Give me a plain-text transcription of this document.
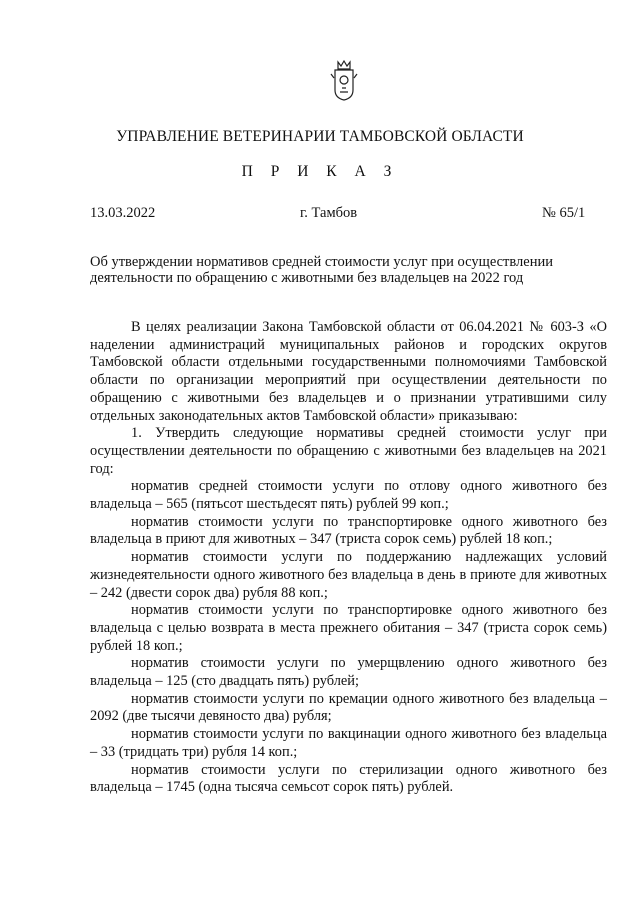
УПРАВЛЕНИЕ ВЕТЕРИНАРИИ ТАМБОВСКОЙ ОБЛАСТИ
П Р И К А З
13.03.2022	г. Тамбов	№ 65/1
Об утверждении нормативов средней стоимости услуг при осуществлении деятельности по обращению с животными без владельцев на 2022 год

В целях реализации Закона Тамбовской области от 06.04.2021 № 603-З «О наделении администраций муниципальных районов и городских округов Тамбовской области отдельными государственными полномочиями Тамбовской области по организации мероприятий при осуществлении деятельности по обращению с животными без владельцев и о признании утратившими силу отдельных законодательных актов Тамбовской области» приказываю:

1. Утвердить следующие нормативы средней стоимости услуг при осуществлении деятельности по обращению с животными без владельцев на 2021 год:

норматив средней стоимости услуги по отлову одного животного без владельца – 565 (пятьсот шестьдесят пять) рублей 99 коп.;

норматив стоимости услуги по транспортировке одного животного без владельца в приют для животных – 347 (триста сорок семь) рублей 18 коп.;

норматив стоимости услуги по поддержанию надлежащих условий жизнедеятельности одного животного без владельца в день в приюте для животных – 242 (двести сорок два) рубля 88 коп.;

норматив стоимости услуги по транспортировке одного животного без владельца с целью возврата в места прежнего обитания – 347 (триста сорок семь) рублей 18 коп.;

норматив стоимости услуги по умерщвлению одного животного без владельца – 125 (сто двадцать пять) рублей;

норматив стоимости услуги по кремации одного животного без владельца – 2092 (две тысячи девяносто два) рубля;

норматив стоимости услуги по вакцинации одного животного без владельца – 33 (тридцать три) рубля 14 коп.;

норматив стоимости услуги по стерилизации одного животного без владельца – 1745 (одна тысяча семьсот сорок пять) рублей.
